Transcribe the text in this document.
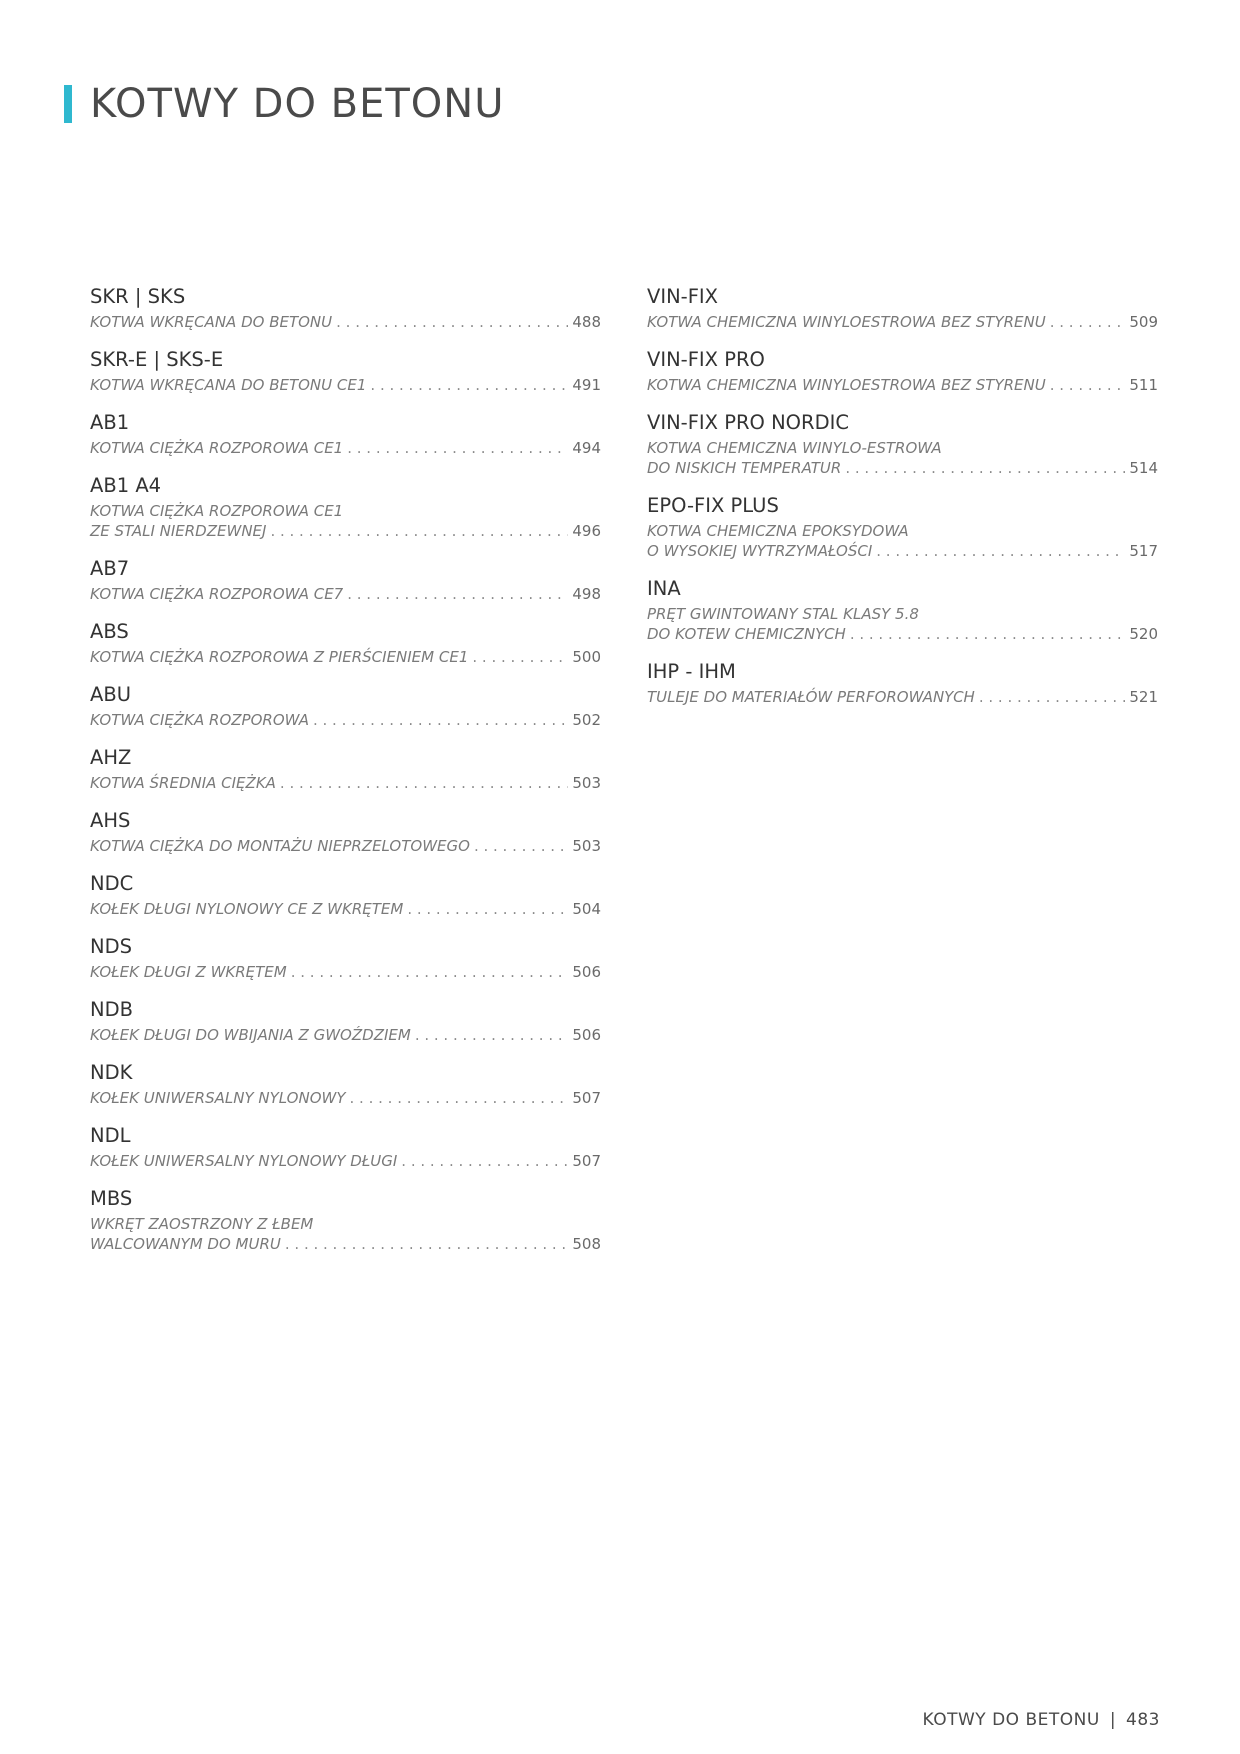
KOTWY DO BETONU
SKR | SKS
KOTWA WKRĘCANA DO BETONU . . .	488
SKR-E | SKS-E
KOTWA WKRĘCANA DO BETONU CE1 . . .	491
AB1
KOTWA CIĘŻKA ROZPOROWA CE1 . . .	494
AB1 A4
KOTWA CIĘŻKA ROZPOROWA CE1
ZE STALI NIERDZEWNEJ . . .	496
AB7
KOTWA CIĘŻKA ROZPOROWA CE7 . . .	498
ABS
KOTWA CIĘŻKA ROZPOROWA Z PIERŚCIENIEM CE1 . . .	500
ABU
KOTWA CIĘŻKA ROZPOROWA . . .	502
AHZ
KOTWA ŚREDNIA CIĘŻKA . . .	503
AHS
KOTWA CIĘŻKA DO MONTAŻU NIEPRZELOTOWEGO . . .	503
NDC
KOŁEK DŁUGI NYLONOWY CE Z WKRĘTEM . . .	504
NDS
KOŁEK DŁUGI Z WKRĘTEM . . .	506
NDB
KOŁEK DŁUGI DO WBIJANIA Z GWOŹDZIEM . . .	506
NDK
KOŁEK UNIWERSALNY NYLONOWY . . .	507
NDL
KOŁEK UNIWERSALNY NYLONOWY DŁUGI . . .	507
MBS
WKRĘT ZAOSTRZONY Z ŁBEM
WALCOWANYM DO MURU . . .	508
VIN-FIX
KOTWA CHEMICZNA WINYLOESTROWA BEZ STYRENU . . .	509
VIN-FIX PRO
KOTWA CHEMICZNA WINYLOESTROWA BEZ STYRENU . . .	511
VIN-FIX PRO NORDIC
KOTWA CHEMICZNA WINYLO-ESTROWA
DO NISKICH TEMPERATUR . . .	514
EPO-FIX PLUS
KOTWA CHEMICZNA EPOKSYDOWA
O WYSOKIEJ WYTRZYMAŁOŚCI . . .	517
INA
PRĘT GWINTOWANY STAL KLASY 5.8
DO KOTEW CHEMICZNYCH . . .	520
IHP - IHM
TULEJE DO MATERIAŁÓW PERFOROWANYCH . . .	521
KOTWY DO BETONU | 483
